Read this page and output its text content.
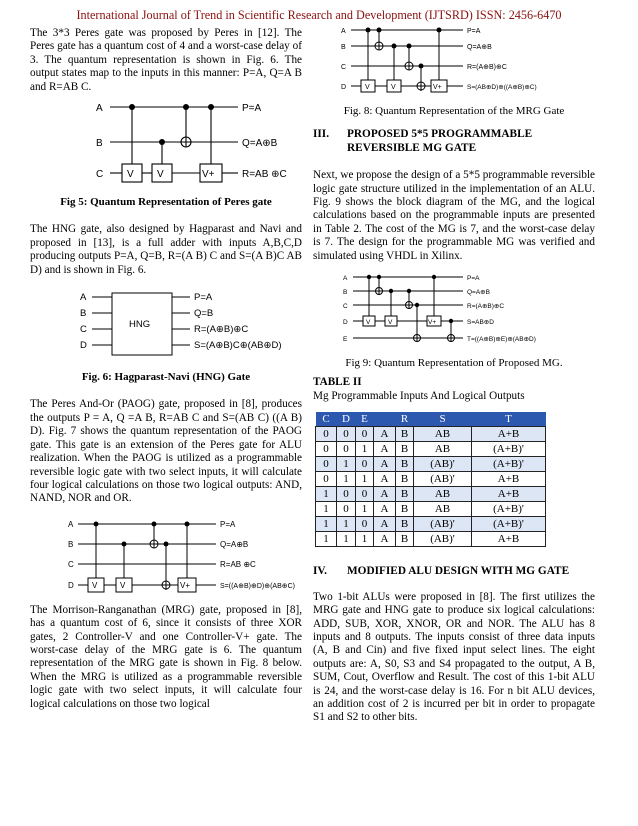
International Journal of Trend in Scientific Research and Development (IJTSRD) ISSN: 2456-6470

The 3*3 Peres gate was proposed by Peres in [12]. The Peres gate has a quantum cost of 4 and a worst-case delay of 3. The quantum representation is shown in Fig. 6. The output states map to the inputs in this manner: P=A, Q=A B and R=AB C.

A
B
C V V	V+
P=A
Q=A⊕B
R=AB ⊕C
Fig 5: Quantum Representation of Peres gate

The HNG gate, also designed by Hagparast and Navi and proposed in [13], is a full adder with inputs A,B,C,D producing outputs P=A, Q=B, R=(A B) C and S=(A B)C AB D) and is shown in Fig. 6.

A
B
C
D
HNG
P=A
Q=B
R=(A⊕B)⊕C
S=(A⊕B)C⊕(AB⊕D)
Fig. 6: Hagparast-Navi (HNG) Gate

The Peres And-Or (PAOG) gate, proposed in [8], produces the outputs P = A, Q =A B, R=AB C and S=(AB C) ((A B) D). Fig. 7 shows the quantum representation of the PAOG gate. This gate is an extension of the Peres gate for ALU realization. When the PAOG is utilized as a programmable reversible logic gate with two select inputs, it will calculate four logical calculations on those two logical outputs: AND, NAND, NOR and OR.

A
B
C
D V	V	V+
P=A
Q=A⊕B
R=AB ⊕C
S=((A⊕B)⊕D)⊕(AB⊕C)

The Morrison-Ranganathan (MRG) gate, proposed in [8], has a quantum cost of 6, since it consists of three XOR gates, 2 Controller-V and one Controller-V+ gate. The worst-case delay of the MRG gate is 6. The quantum representation of the MRG gate is shown in Fig. 8 below. When the MRG is utilized as a programmable reversible logic gate with two select inputs, it will calculate four logical calculations on those two logical

A
B
C
D	V	V	V+
P=A
Q=A⊕B
R=(A⊕B)⊕C
S=(AB⊕D)⊕((A⊕B)⊕C)
Fig. 8: Quantum Representation of the MRG Gate
III.	PROPOSED 5*5 PROGRAMMABLE REVERSIBLE MG GATE

Next, we propose the design of a 5*5 programmable reversible logic gate structure utilized in the implementation of an ALU. Fig. 9 shows the block diagram of the MG, and the logical calculations based on the programmable inputs are presented in Table 2. The cost of the MG is 7, and the worst-case delay is 7. The design for the programmable MG was verified and simulated using VHDL in Xilinx.

A
B
C
D
E
V	V	V+
P=A
Q=A⊕B
R=(A⊕B)⊕C
S=AB⊕D
T=((A⊕B)⊕E)⊕(AB⊕D)
Fig 9: Quantum Representation of Proposed MG.
TABLE II
Mg Programmable Inputs And Logical Outputs
C	D	E		R	S	T
0	0	0	A	B	AB	A+B
0	0	1	A	B	AB	(A+B)'
0	1	0	A	B	(AB)'	(A+B)'
0	1	1	A	B	(AB)'	A+B
1	0	0	A	B	AB	A+B
1	0	1	A	B	AB	(A+B)'
1	1	0	A	B	(AB)'	(A+B)'
1	1	1	A	B	(AB)'	A+B
IV.	MODIFIED ALU DESIGN WITH MG GATE

Two 1-bit ALUs were proposed in [8]. The first utilizes the MRG gate and HNG gate to produce six logical calculations: ADD, SUB, XOR, XNOR, OR and NOR. The ALU has 8 inputs and 8 outputs. The inputs consist of three data inputs (A, B and Cin) and five fixed input select lines. The eight outputs are: A, S0, S3 and S4 propagated to the output, A B, SUM, Cout, Overflow and Result. The cost of this 1-bit ALU is 24, and the worst-case delay is 16. For n bit ALU devices, an addition cost of 2 is incurred per bit in order to propagate S1 and S2 to other bits.
